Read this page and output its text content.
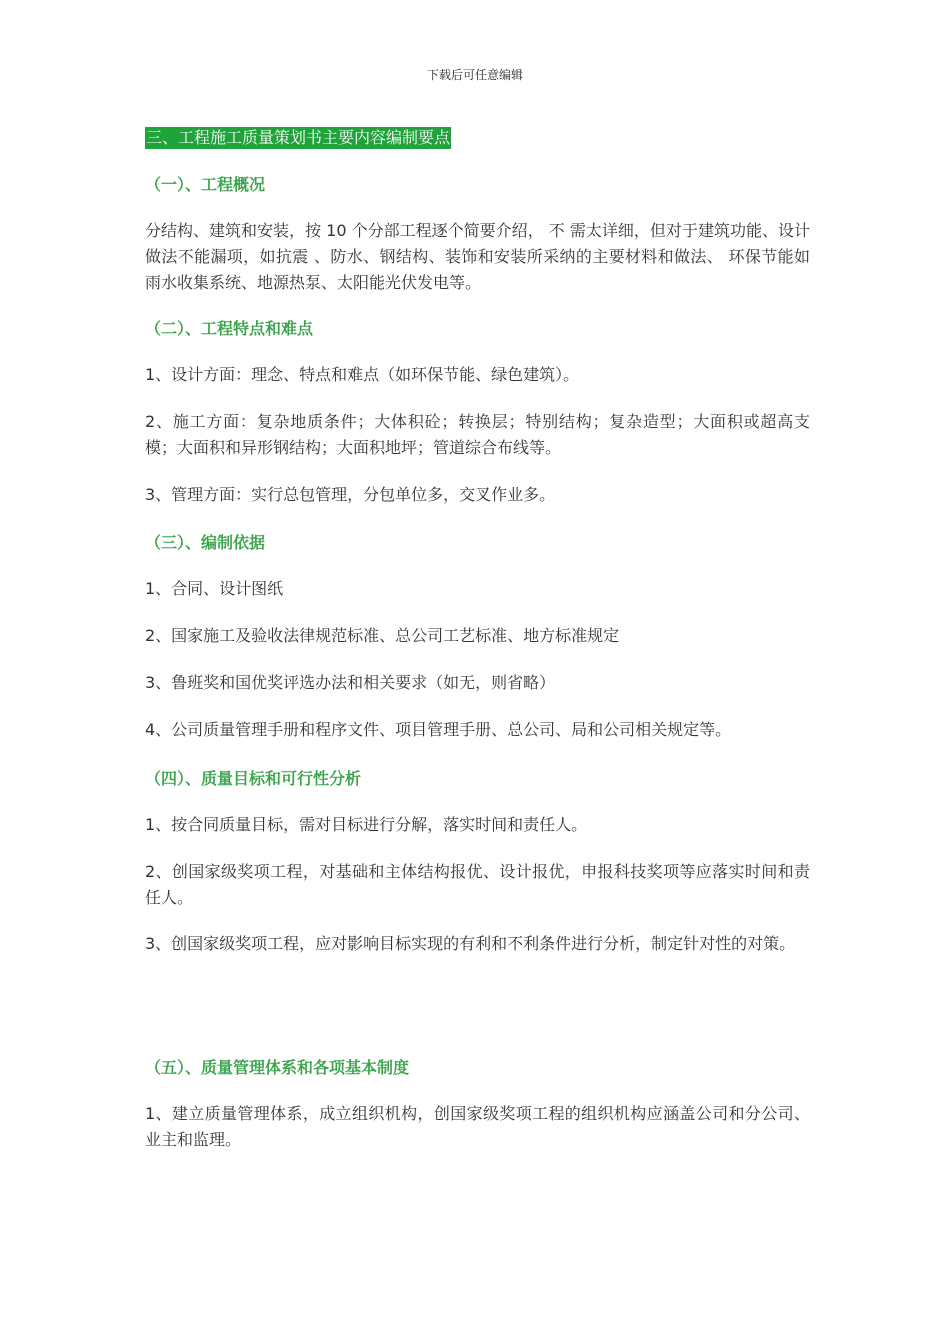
下载后可任意编辑
三、工程施工质量策划书主要内容编制要点
（一）、工程概况
分结构、建筑和安装，按 10 个分部工程逐个简要介绍， 不 需太详细，但对于建筑功能、设计做法不能漏项，如抗震 、防水、钢结构、装饰和安装所采纳的主要材料和做法、 环保节能如雨水收集系统、地源热泵、太阳能光伏发电等。
（二）、工程特点和难点
1、设计方面：理念、特点和难点（如环保节能、绿色建筑）。
2、施工方面：复杂地质条件；大体积砼；转换层；特别结构；复杂造型；大面积或超高支模；大面积和异形钢结构；大面积地坪；管道综合布线等。
3、管理方面：实行总包管理，分包单位多，交叉作业多。
（三）、编制依据
1、合同、设计图纸
2、国家施工及验收法律规范标准、总公司工艺标准、地方标准规定
3、鲁班奖和国优奖评选办法和相关要求（如无，则省略）
4、公司质量管理手册和程序文件、项目管理手册、总公司、局和公司相关规定等。
（四）、质量目标和可行性分析
1、按合同质量目标，需对目标进行分解，落实时间和责任人。
2、创国家级奖项工程，对基础和主体结构报优、设计报优，申报科技奖项等应落实时间和责任人。
3、创国家级奖项工程，应对影响目标实现的有利和不利条件进行分析，制定针对性的对策。
（五）、质量管理体系和各项基本制度
1、建立质量管理体系，成立组织机构，创国家级奖项工程的组织机构应涵盖公司和分公司、业主和监理。
